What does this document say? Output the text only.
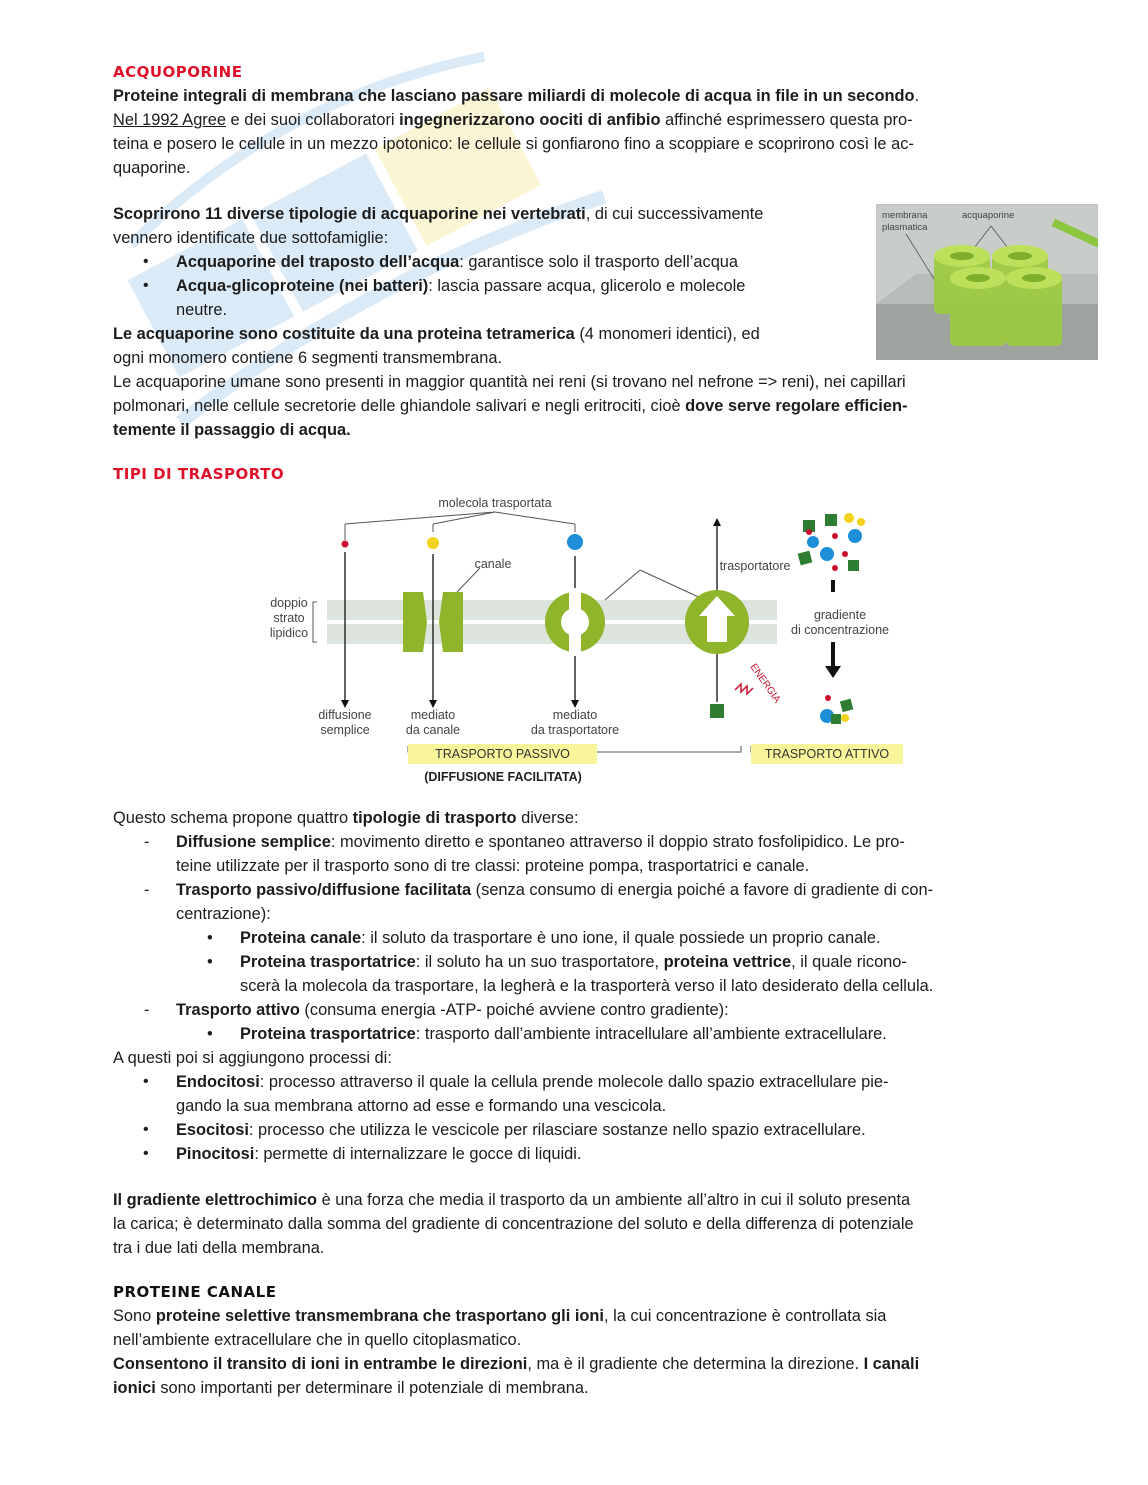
membrana
plasmatica
acquaporine
ACQUOPORINE

Proteine integrali di membrana che lasciano passare miliardi di molecole di acqua in file in un secondo.

Nel 1992 Agree e dei suoi collaboratori ingegnerizzarono oociti di anfibio affinché esprimessero questa pro-
teina e posero le cellule in un mezzo ipotonico: le cellule si gonfiarono fino a scoppiare e scoprirono così le ac-
quaporine.

Scoprirono 11 diverse tipologie di acquaporine nei vertebrati, di cui successivamente
vennero identificate due sottofamiglie:

• Acquaporine del traposto dell’acqua: garantisce solo il trasporto dell’acqua
• Acqua-glicoproteine (nei batteri): lascia passare acqua, glicerolo e molecole
neutre.

Le acquaporine sono costituite da una proteina tetramerica (4 monomeri identici), ed
ogni monomero contiene 6 segmenti transmembrana.

Le acquaporine umane sono presenti in maggior quantità nei reni (si trovano nel nefrone => reni), nei capillari
polmonari, nelle cellule secretorie delle ghiandole salivari e negli eritrociti, cioè dove serve regolare efficien-
temente il passaggio di acqua.

TIPI DI TRASPORTO
molecola trasportata
canale	trasportatore
doppio
strato
lipidico
gradiente
di concentrazione
ENERGIA
diffusione
semplice
mediato
da canale
mediato
da trasportatore
TRASPORTO PASSIVO	TRASPORTO ATTIVO
(DIFFUSIONE FACILITATA)

Questo schema propone quattro tipologie di trasporto diverse:

- Diffusione semplice: movimento diretto e spontaneo attraverso il doppio strato fosfolipidico. Le pro-
teine utilizzate per il trasporto sono di tre classi: proteine pompa, trasportatrici e canale.
- Trasporto passivo/diffusione facilitata (senza consumo di energia poiché a favore di gradiente di con-
centrazione):
• Proteina canale: il soluto da trasportare è uno ione, il quale possiede un proprio canale.
• Proteina trasportatrice: il soluto ha un suo trasportatore, proteina vettrice, il quale ricono-
scerà la molecola da trasportare, la legherà e la trasporterà verso il lato desiderato della cellula.
- Trasporto attivo (consuma energia -ATP- poiché avviene contro gradiente):
• Proteina trasportatrice: trasporto dall’ambiente intracellulare all’ambiente extracellulare.

A questi poi si aggiungono processi di:

• Endocitosi: processo attraverso il quale la cellula prende molecole dallo spazio extracellulare pie-
gando la sua membrana attorno ad esse e formando una vescicola.
• Esocitosi: processo che utilizza le vescicole per rilasciare sostanze nello spazio extracellulare.
• Pinocitosi: permette di internalizzare le gocce di liquidi.

Il gradiente elettrochimico è una forza che media il trasporto da un ambiente all’altro in cui il soluto presenta
la carica; è determinato dalla somma del gradiente di concentrazione del soluto e della differenza di potenziale
tra i due lati della membrana.

PROTEINE CANALE

Sono proteine selettive transmembrana che trasportano gli ioni, la cui concentrazione è controllata sia
nell’ambiente extracellulare che in quello citoplasmatico.

Consentono il transito di ioni in entrambe le direzioni, ma è il gradiente che determina la direzione. I canali
ionici sono importanti per determinare il potenziale di membrana.
